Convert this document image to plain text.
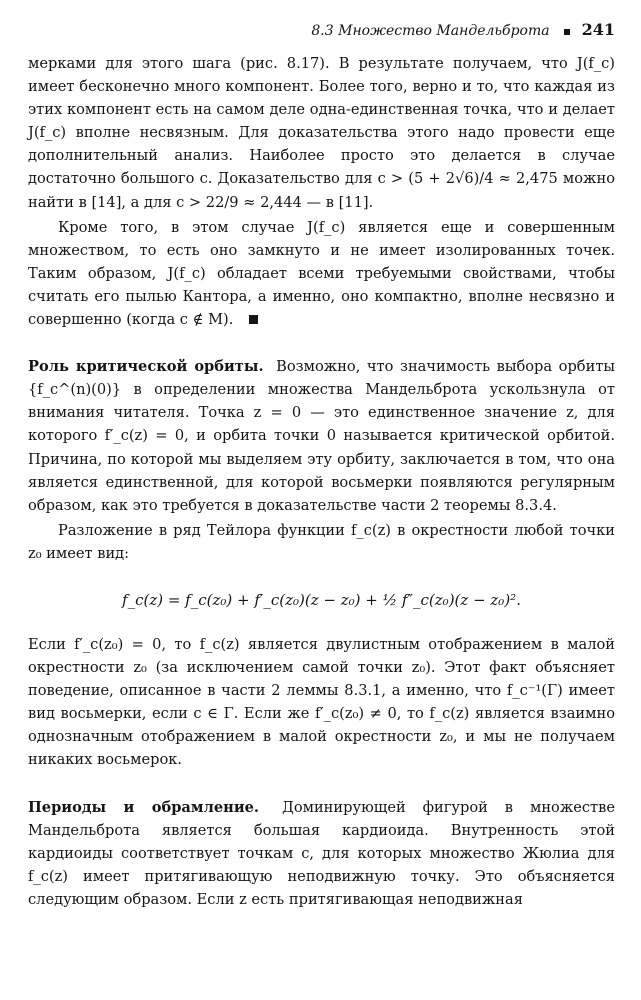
8.3 Множество Мандельброта 241

мерками для этого шага (рис. 8.17). В результате получаем, что J(f_c) имеет бесконечно много компонент. Более того, верно и то, что каждая из этих компонент есть на самом деле одна-единственная точка, что и делает J(f_c) вполне несвязным. Для доказательства этого надо провести еще дополнительный анализ. Наиболее просто это делается в случае достаточно большого c. Доказательство для c > (5 + 2√6)/4 ≈ 2,475 можно найти в [14], а для c > 22/9 ≈ 2,444 — в [11].

Кроме того, в этом случае J(f_c) является еще и совершенным множеством, то есть оно замкнуто и не имеет изолированных точек. Таким образом, J(f_c) обладает всеми требуемыми свойствами, чтобы считать его пылью Кантора, а именно, оно компактно, вполне несвязно и совершенно (когда c ∉ M).

Роль критической орбиты. Возможно, что значимость выбора орбиты {f_c^(n)(0)} в определении множества Мандельброта ускользнула от внимания читателя. Точка z = 0 — это единственное значение z, для которого f′_c(z) = 0, и орбита точки 0 называется критической орбитой. Причина, по которой мы выделяем эту орбиту, заключается в том, что она является единственной, для которой восьмерки появляются регулярным образом, как это требуется в доказательстве части 2 теоремы 8.3.4.

Разложение в ряд Тейлора функции f_c(z) в окрестности любой точки z₀ имеет вид:

f_c(z) = f_c(z₀) + f′_c(z₀)(z − z₀) + ½ f″_c(z₀)(z − z₀)².

Если f′_c(z₀) = 0, то f_c(z) является двулистным отображением в малой окрестности z₀ (за исключением самой точки z₀). Этот факт объясняет поведение, описанное в части 2 леммы 8.3.1, а именно, что f_c⁻¹(Γ) имеет вид восьмерки, если c ∈ Γ. Если же f′_c(z₀) ≠ 0, то f_c(z) является взаимно однозначным отображением в малой окрестности z₀, и мы не получаем никаких восьмерок.

Периоды и обрамление. Доминирующей фигурой в множестве Мандельброта является большая кардиоида. Внутренность этой кардиоиды соответствует точкам c, для которых множество Жюлиа для f_c(z) имеет притягивающую неподвижную точку. Это объясняется следующим образом. Если z есть притягивающая неподвижная
